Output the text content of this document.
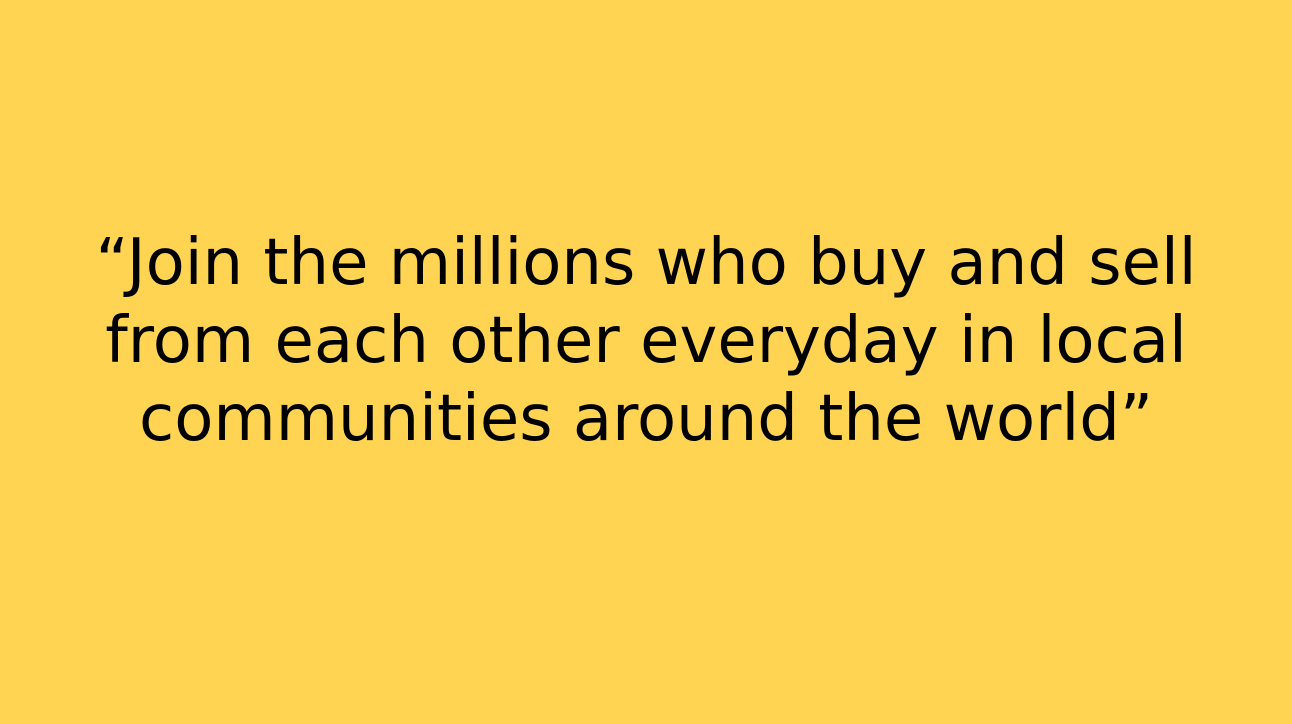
“Join the millions who buy and sell
from each other everyday in local
communities around the world”
